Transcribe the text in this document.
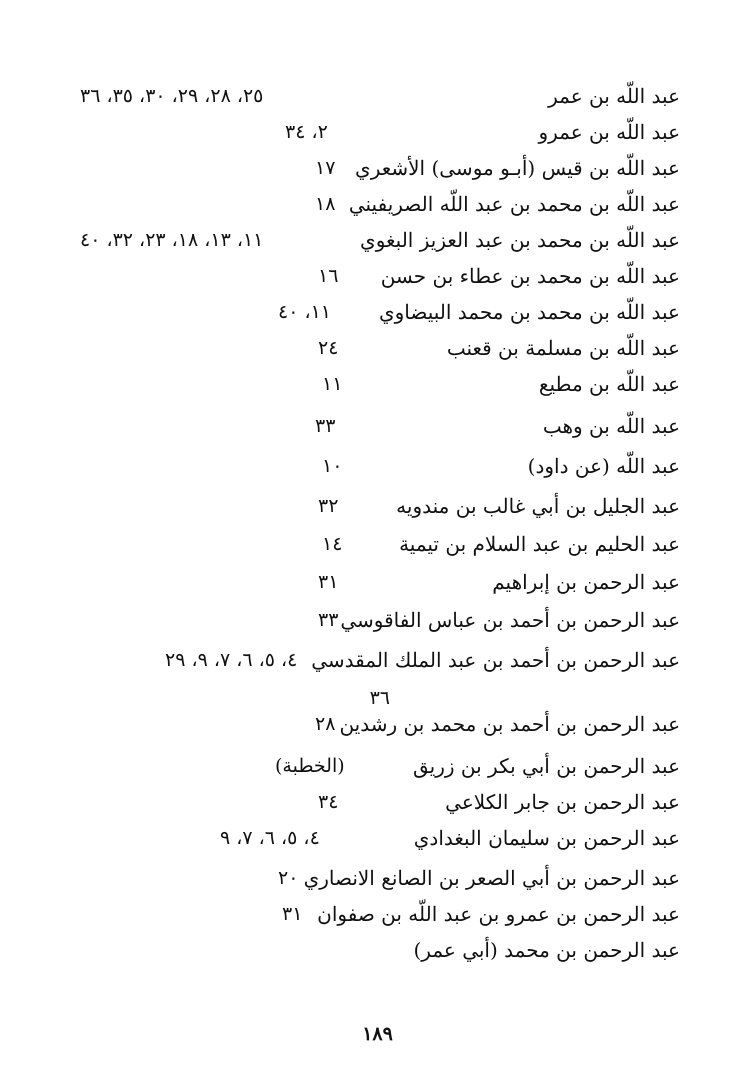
عبد اللّه بن عمر
٢٥، ٢٨، ٢٩، ٣٠، ٣٥، ٣٦
عبد اللّه بن عمرو
٢، ٣٤
عبد اللّه بن قيس (أبـو موسى) الأشعري
١٧
عبد اللّه بن محمد بن عبد اللّه الصريفيني
١٨
عبد اللّه بن محمد بن عبد العزيز البغوي
١١، ١٣، ١٨، ٢٣، ٣٢، ٤٠
عبد اللّه بن محمد بن عطاء بن حسن
١٦
عبد اللّه بن محمد بن محمد البيضاوي
١١، ٤٠
عبد اللّه بن مسلمة بن قعنب
٢٤
عبد اللّه بن مطيع
١١
عبد اللّه بن وهب
٣٣
عبد اللّه (عن داود)
١٠
عبد الجليل بن أبي غالب بن مندويه
٣٢
عبد الحليم بن عبد السلام بن تيمية
١٤
عبد الرحمن بن إبراهيم
٣١
عبد الرحمن بن أحمد بن عباس الفاقوسي
٣٣
عبد الرحمن بن أحمد بن عبد الملك المقدسي
٤، ٥، ٦، ٧، ٩، ٢٩
٣٦
عبد الرحمن بن أحمد بن محمد بن رشدين
٢٨
عبد الرحمن بن أبي بكر بن زريق
(الخطبة)
عبد الرحمن بن جابر الكلاعي
٣٤
عبد الرحمن بن سليمان البغدادي
٤، ٥، ٦، ٧، ٩
عبد الرحمن بن أبي الصعر بن الصانع الانصاري
٢٠
عبد الرحمن بن عمرو بن عبد اللّه بن صفوان
٣١
عبد الرحمن بن محمد (أبي عمر)
١٨٩
